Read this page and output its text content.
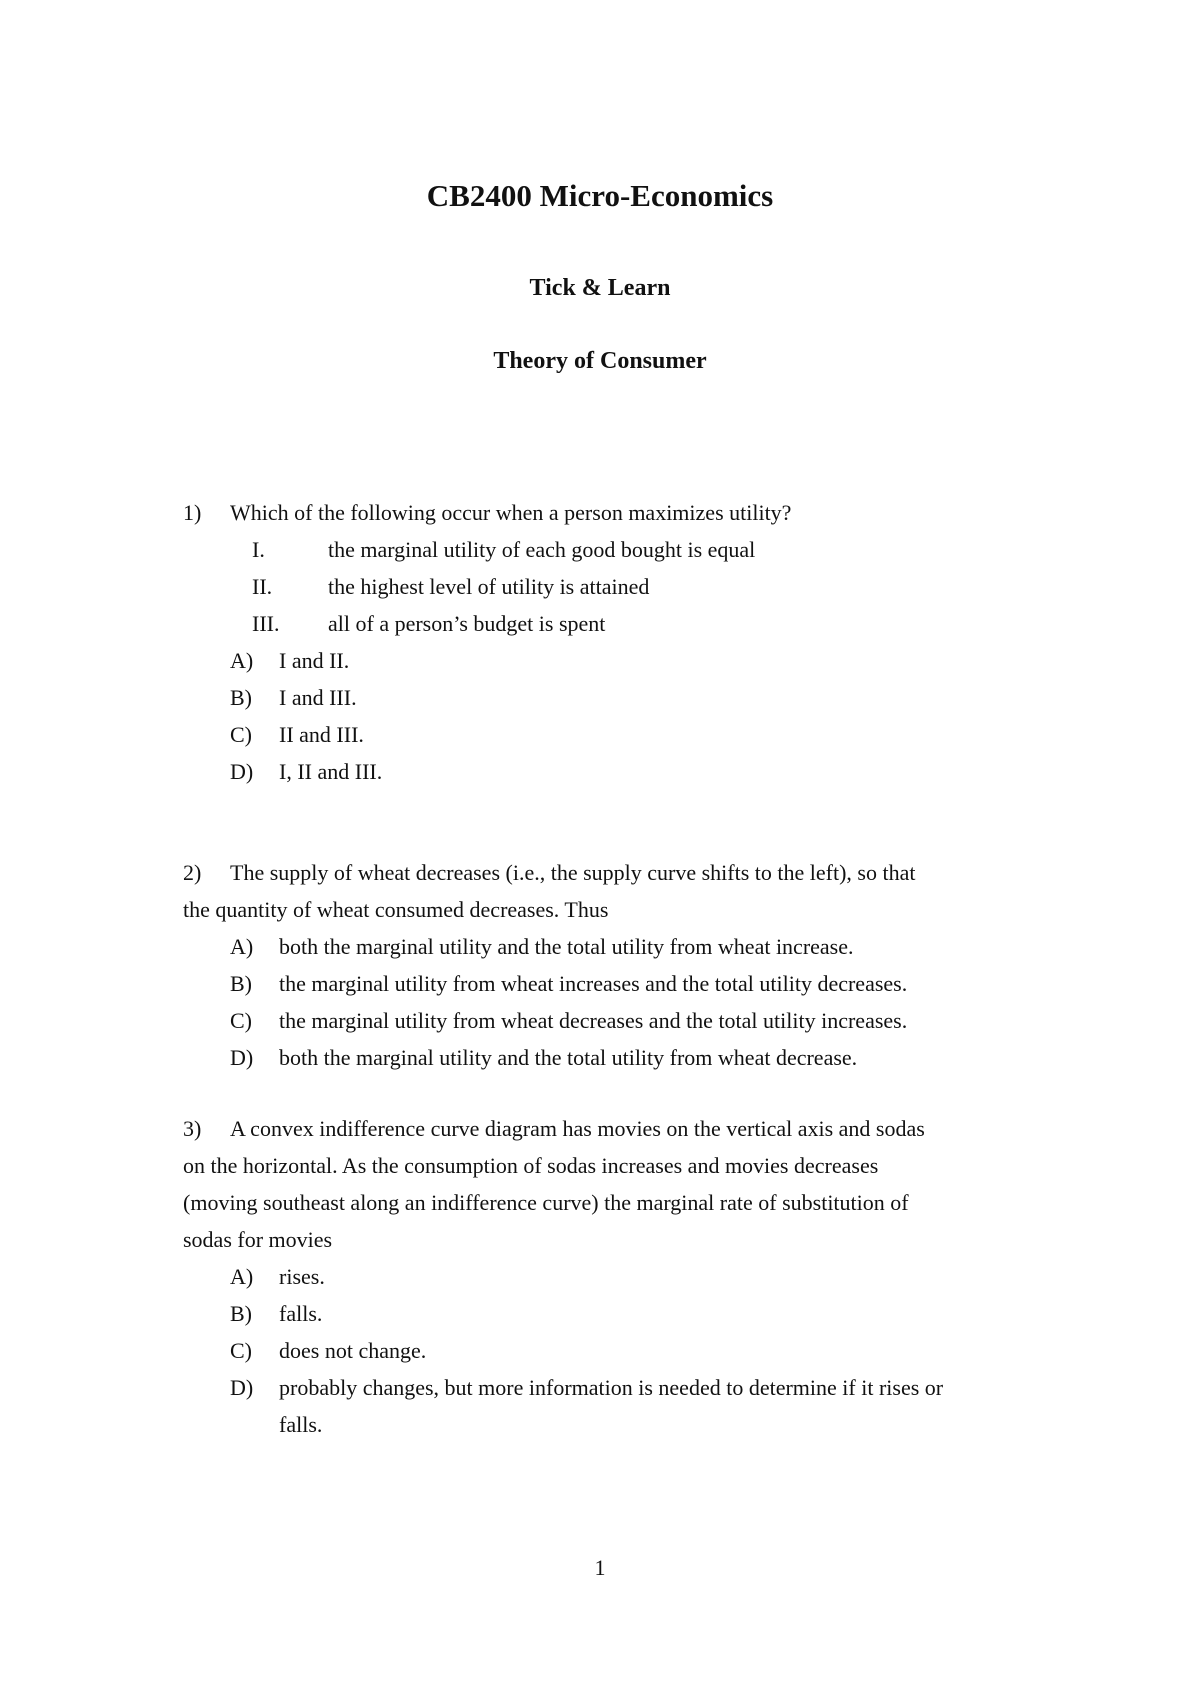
CB2400 Micro-Economics
Tick & Learn
Theory of Consumer
1) Which of the following occur when a person maximizes utility?
I.	the marginal utility of each good bought is equal
II.	the highest level of utility is attained
III. all of a person’s budget is spent
A) I and II.
B) I and III.
C) II and III.
D) I, II and III.
2) The supply of wheat decreases (i.e., the supply curve shifts to the left), so that
the quantity of wheat consumed decreases. Thus
A) both the marginal utility and the total utility from wheat increase.
B) the marginal utility from wheat increases and the total utility decreases.
C) the marginal utility from wheat decreases and the total utility increases.
D) both the marginal utility and the total utility from wheat decrease.
3) A convex indifference curve diagram has movies on the vertical axis and sodas
on the horizontal. As the consumption of sodas increases and movies decreases
(moving southeast along an indifference curve) the marginal rate of substitution of
sodas for movies
A) rises.
B) falls.
C) does not change.
D) probably changes, but more information is needed to determine if it rises or
falls.
1
